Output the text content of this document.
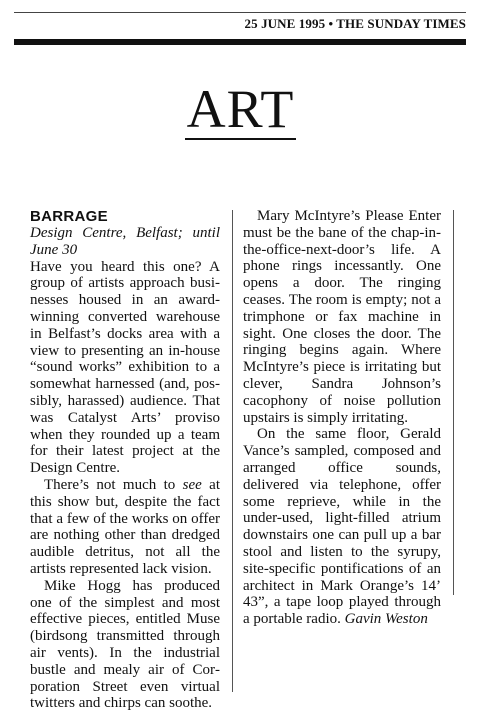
25 JUNE 1995 • THE SUNDAY TIMES
ART
BARRAGE
Design Centre, Belfast; until June 30

Have you heard this one? A group of artists approach businesses housed in an award-winning converted warehouse in Belfast’s docks area with a view to presenting an in-house “sound works” exhibition to a somewhat harnessed (and, possibly, harassed) audience. That was Catalyst Arts’ proviso when they rounded up a team for their latest project at the Design Centre.

There’s not much to see at this show but, despite the fact that a few of the works on offer are nothing other than dredged audible detritus, not all the artists represented lack vision.

Mike Hogg has produced one of the simplest and most effective pieces, entitled Muse (birdsong transmitted through air vents). In the industrial bustle and mealy air of Corporation Street even virtual twitters and chirps can soothe.

Mary McIntyre’s Please Enter must be the bane of the chap-in-the-office-next-door’s life. A phone rings incessantly. One opens a door. The ringing ceases. The room is empty; not a trimphone or fax machine in sight. One closes the door. The ringing begins again. Where McIntyre’s piece is irritating but clever, Sandra Johnson’s cacophony of noise pollution upstairs is simply irritating.

On the same floor, Gerald Vance’s sampled, composed and arranged office sounds, delivered via telephone, offer some reprieve, while in the under-used, light-filled atrium downstairs one can pull up a bar stool and listen to the syrupy, site-specific pontifications of an architect in Mark Orange’s 14’ 43”, a tape loop played through a portable radio. Gavin Weston
